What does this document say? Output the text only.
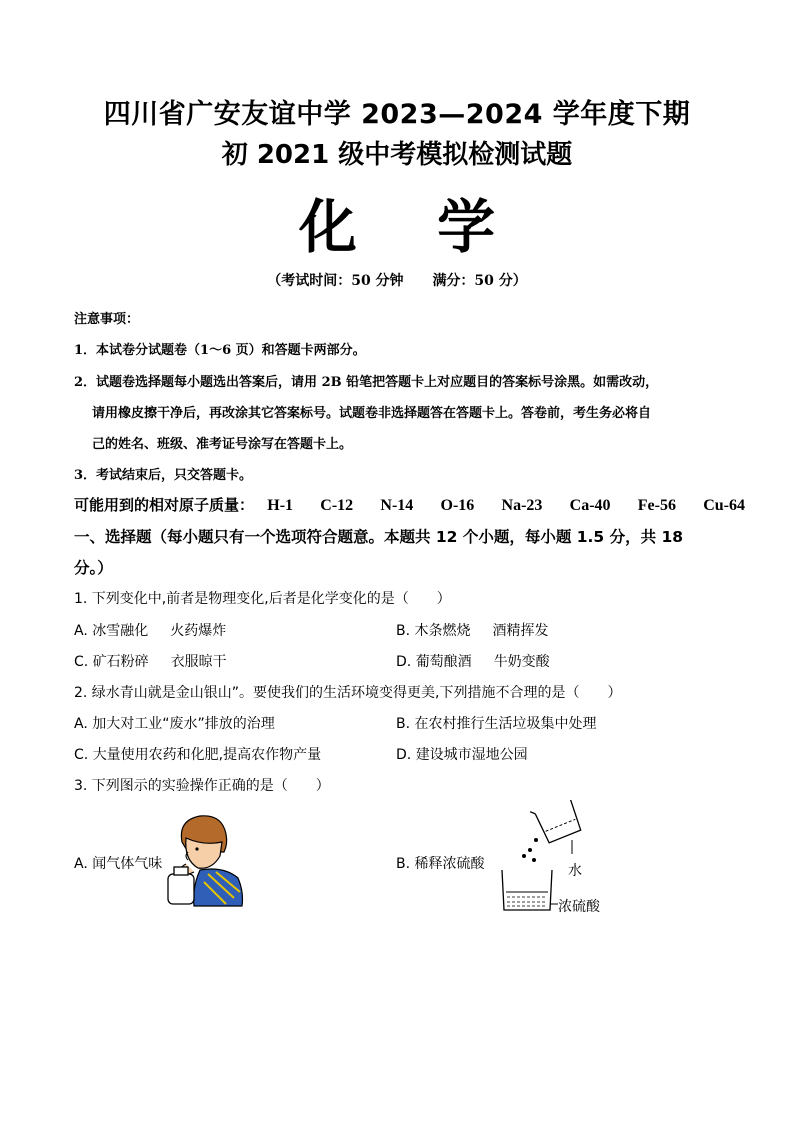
四川省广安友谊中学 2023—2024 学年度下期
初 2021 级中考模拟检测试题
化 学
（考试时间：50 分钟 满分：50 分）
注意事项：
1．本试卷分试题卷（1～6 页）和答题卡两部分。
2．试题卷选择题每小题选出答案后，请用 2B 铅笔把答题卡上对应题目的答案标号涂黑。如需改动，
请用橡皮擦干净后，再改涂其它答案标号。试题卷非选择题答在答题卡上。答卷前，考生务必将自
己的姓名、班级、准考证号涂写在答题卡上。
3．考试结束后，只交答题卡。
可能用到的相对原子质量： H-1 C-12 N-14 O-16 Na-23 Ca-40 Fe-56 Cu-64
一、选择题（每小题只有一个选项符合题意。本题共 12 个小题，每小题 1.5 分，共 18
分。）
1. 下列变化中,前者是物理变化,后者是化学变化的是（　　）
A. 冰雪融化 火药爆炸	B. 木条燃烧 酒精挥发
C. 矿石粉碎 衣服晾干	D. 葡萄酿酒 牛奶变酸
2. 绿水青山就是金山银山”。要使我们的生活环境变得更美,下列措施不合理的是（　　）
A. 加大对工业“废水”排放的治理	B. 在农村推行生活垃圾集中处理
C. 大量使用农药和化肥,提高农作物产量	D. 建设城市湿地公园
3. 下列图示的实验操作正确的是（　　）
A. 闻气体气味	B. 稀释浓硫酸	水
浓硫酸
